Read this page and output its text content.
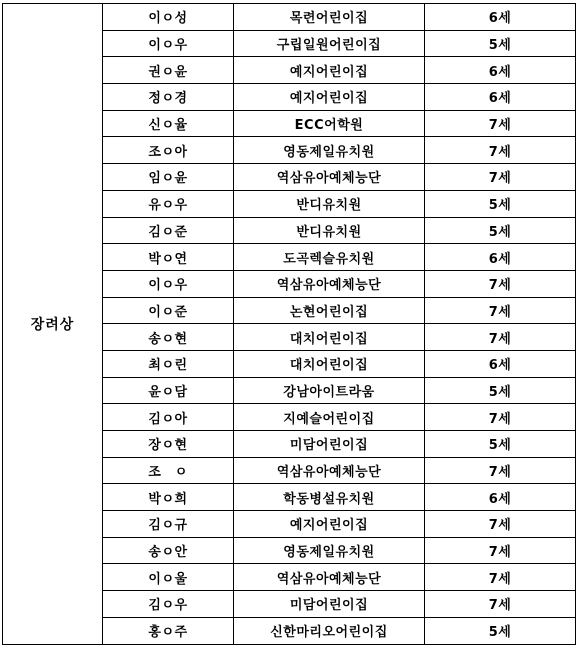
장려상	이ㅇ성	목련어린이집	6세
	이ㅇ우	구립일원어린이집	5세
	권ㅇ윤	예지어린이집	6세
	정ㅇ경	예지어린이집	6세
	신ㅇ율	ECC어학원	7세
	조ㅇ아	영동제일유치원	7세
	임ㅇ윤	역삼유아예체능단	7세
	유ㅇ우	반디유치원	5세
	김ㅇ준	반디유치원	5세
	박ㅇ연	도곡렉슬유치원	6세
	이ㅇ우	역삼유아예체능단	7세
	이ㅇ준	논현어린이집	7세
	송ㅇ현	대치어린이집	7세
	최ㅇ린	대치어린이집	6세
	윤ㅇ담	강남아이트라움	5세
	김ㅇ아	지예슬어린이집	7세
	장ㅇ현	미담어린이집	5세
	조　ㅇ	역삼유아예체능단	7세
	박ㅇ희	학동병설유치원	6세
	김ㅇ규	예지어린이집	7세
	송ㅇ안	영동제일유치원	7세
	이ㅇ울	역삼유아예체능단	7세
	김ㅇ우	미담어린이집	7세
	홍ㅇ주	신한마리오어린이집	5세
